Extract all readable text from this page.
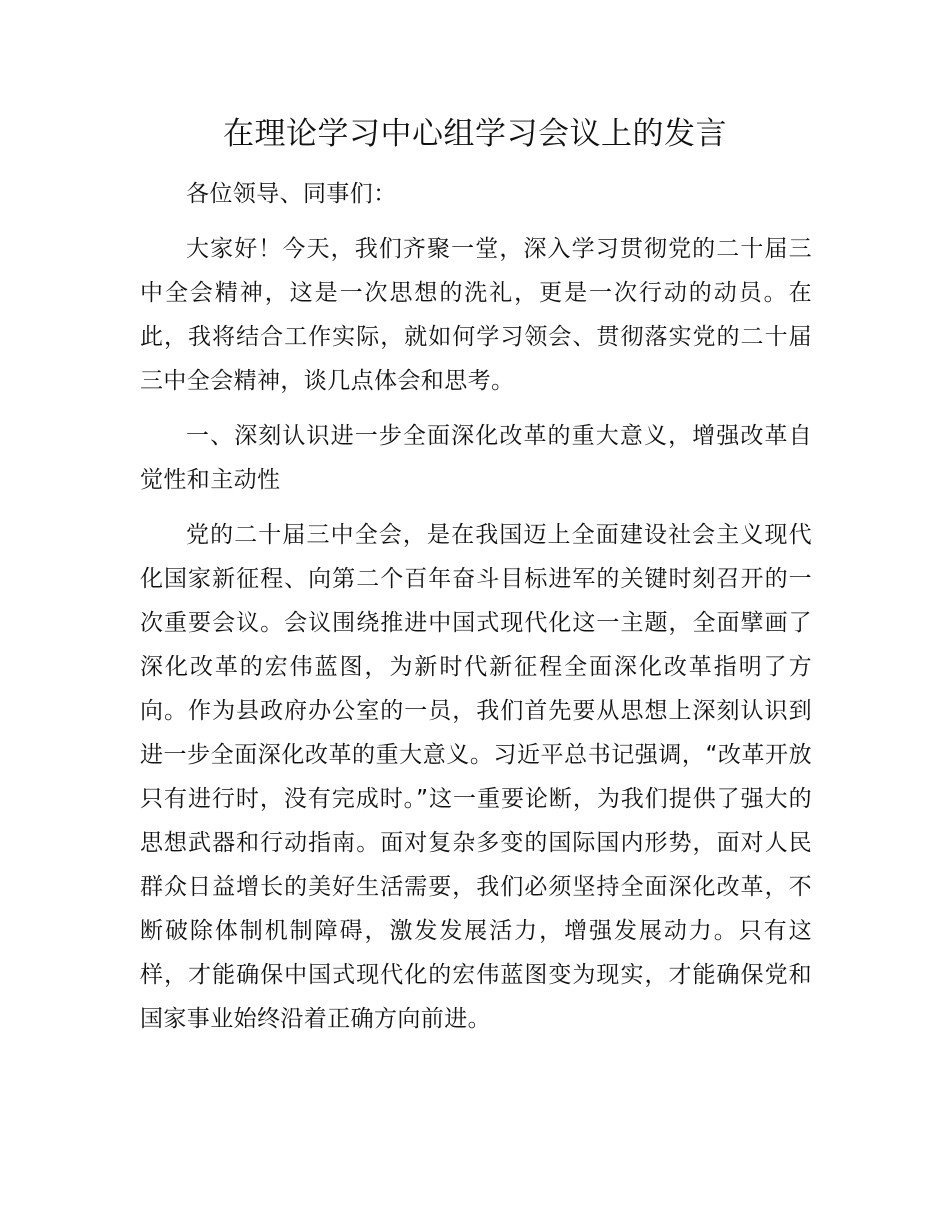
在理论学习中心组学习会议上的发言

各位领导、同事们：

大家好！今天，我们齐聚一堂，深入学习贯彻党的二十届三中全会精神，这是一次思想的洗礼，更是一次行动的动员。在此，我将结合工作实际，就如何学习领会、贯彻落实党的二十届三中全会精神，谈几点体会和思考。

一、深刻认识进一步全面深化改革的重大意义，增强改革自觉性和主动性

党的二十届三中全会，是在我国迈上全面建设社会主义现代化国家新征程、向第二个百年奋斗目标进军的关键时刻召开的一次重要会议。会议围绕推进中国式现代化这一主题，全面擘画了深化改革的宏伟蓝图，为新时代新征程全面深化改革指明了方向。作为县政府办公室的一员，我们首先要从思想上深刻认识到进一步全面深化改革的重大意义。习近平总书记强调，“改革开放只有进行时，没有完成时。”这一重要论断，为我们提供了强大的思想武器和行动指南。面对复杂多变的国际国内形势，面对人民群众日益增长的美好生活需要，我们必须坚持全面深化改革，不断破除体制机制障碍，激发发展活力，增强发展动力。只有这样，才能确保中国式现代化的宏伟蓝图变为现实，才能确保党和国家事业始终沿着正确方向前进。
